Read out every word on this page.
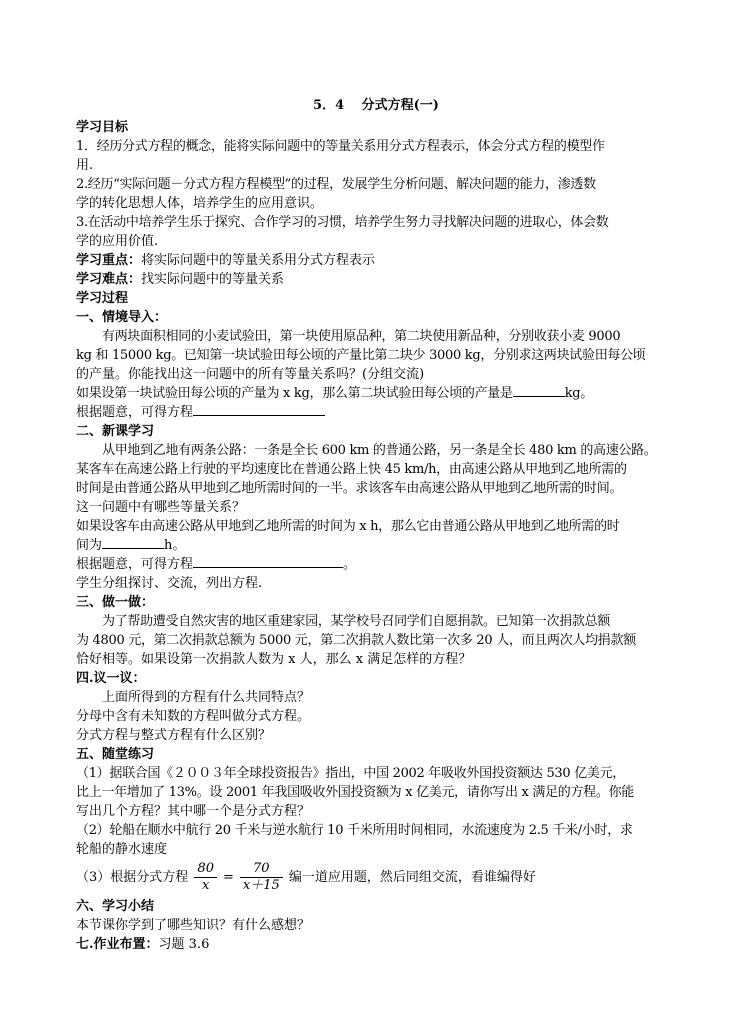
5．4　 分式方程(一)
学习目标
1．经历分式方程的概念，能将实际问题中的等量关系用分式方程表示，体会分式方程的模型作
用.
2.经历“实际问题－分式方程方程模型”的过程，发展学生分析问题、解决问题的能力，渗透数
学的转化思想人体，培养学生的应用意识。
3.在活动中培养学生乐于探究、合作学习的习惯，培养学生努力寻找解决问题的进取心，体会数
学的应用价值.
学习重点：将实际问题中的等量关系用分式方程表示
学习难点：找实际问题中的等量关系
学习过程
一、情境导入：
有两块面积相同的小麦试验田，第一块使用原品种，第二块使用新品种，分别收获小麦 9000
kg 和 15000 kg。已知第一块试验田每公顷的产量比第二块少 3000 kg，分别求这两块试验田每公顷
的产量。你能找出这一问题中的所有等量关系吗？(分组交流)
如果设第一块试验田每公顷的产量为 x kg，那么第二块试验田每公顷的产量是	kg。
根据题意，可得方程
二、新课学习
从甲地到乙地有两条公路：一条是全长 600 km 的普通公路，另一条是全长 480 km 的高速公路。
某客车在高速公路上行驶的平均速度比在普通公路上快 45 km/h，由高速公路从甲地到乙地所需的
时间是由普通公路从甲地到乙地所需时间的一半。求该客车由高速公路从甲地到乙地所需的时间。
这一问题中有哪些等量关系？
如果设客车由高速公路从甲地到乙地所需的时间为 x h，那么它由普通公路从甲地到乙地所需的时
间为	h。
根据题意，可得方程	。
学生分组探讨、交流，列出方程.
三、做一做：
为了帮助遭受自然灾害的地区重建家园，某学校号召同学们自愿捐款。已知第一次捐款总额
为 4800 元，第二次捐款总额为 5000 元，第二次捐款人数比第一次多 20 人，而且两次人均捐款额
恰好相等。如果设第一次捐款人数为 x 人，那么 x 满足怎样的方程？
四.议一议：
上面所得到的方程有什么共同特点？
分母中含有未知数的方程叫做分式方程。
分式方程与整式方程有什么区别？
五、随堂练习
（1）据联合国《２００３年全球投资报告》指出，中国 2002 年吸收外国投资额达 530 亿美元，
比上一年增加了 13%。设 2001 年我国吸收外国投资额为 x 亿美元，请你写出 x 满足的方程。你能
写出几个方程？其中哪一个是分式方程？
（2）轮船在顺水中航行 20 千米与逆水航行 10 千米所用时间相同，水流速度为 2.5 千米/小时，求
轮船的静水速度
（3）根据分式方程 $\frac{80}{x} = \frac{70}{x+15}$ 编一道应用题，然后同组交流，看谁编得好
六、学习小结
本节课你学到了哪些知识？有什么感想？
七.作业布置：习题 3.6
